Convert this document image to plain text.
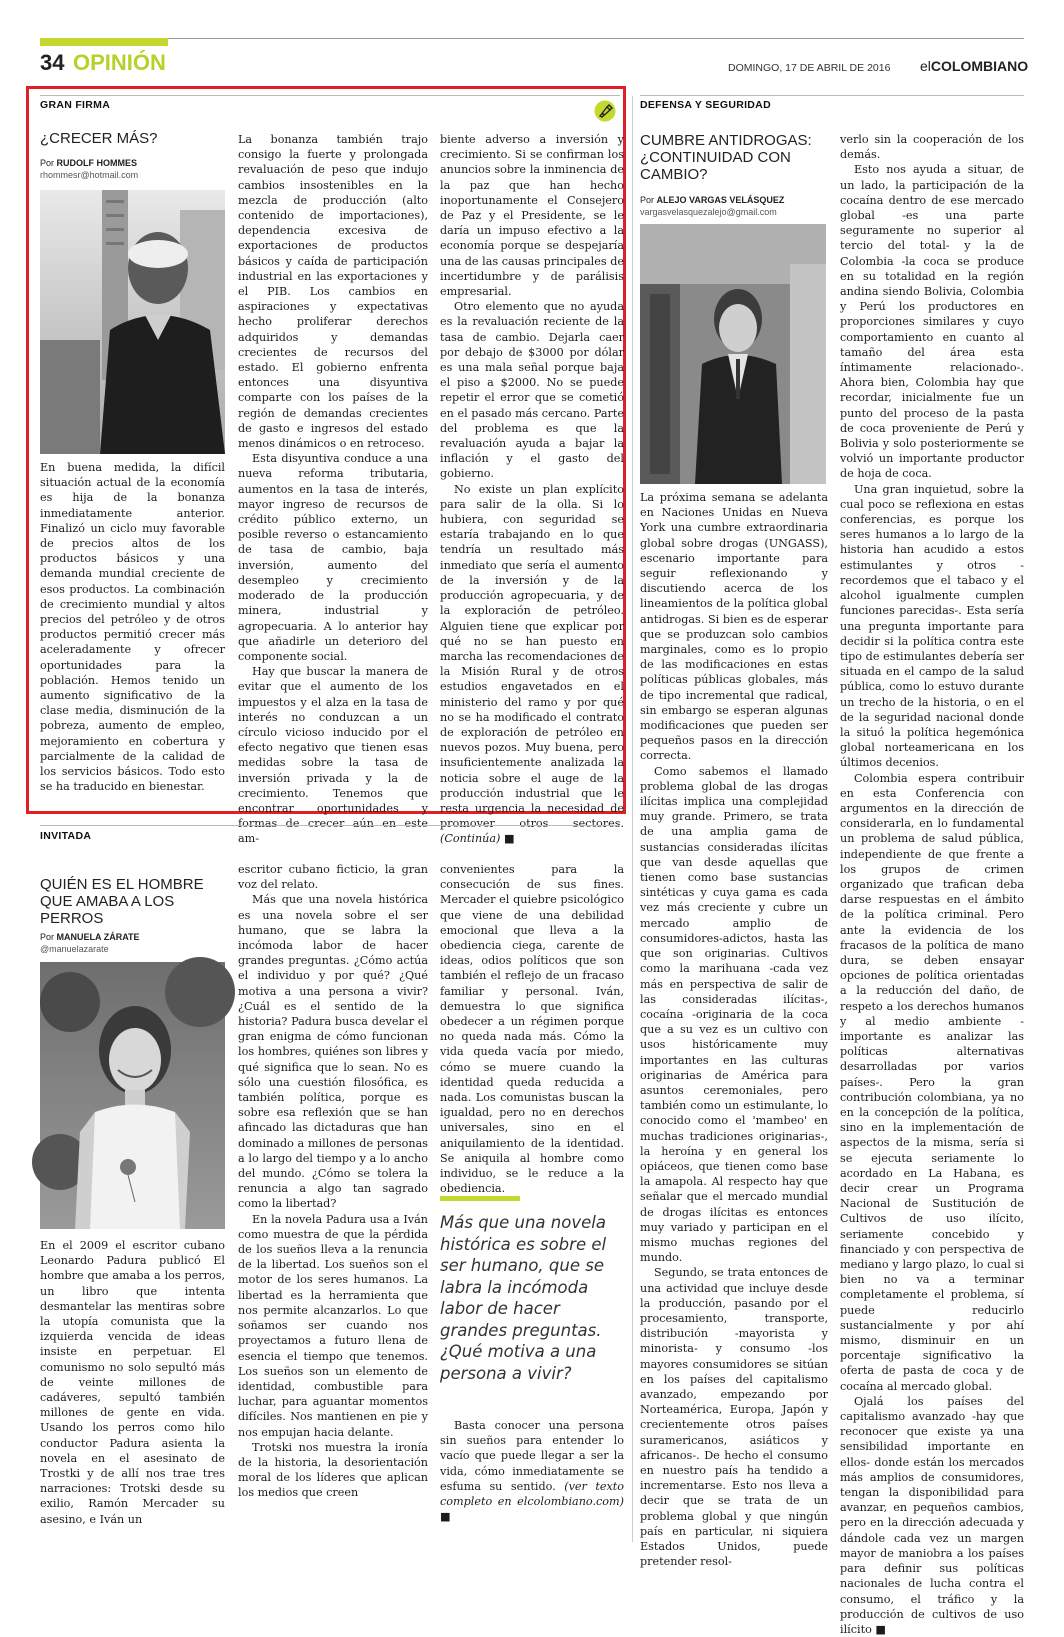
34 OPINIÓN	DOMINGO, 17 DE ABRIL DE 2016 elCOLOMBIANO
GRAN FIRMA
¿CRECER MÁS?
Por RUDOLF HOMMES
rhommesr@hotmail.com

En buena medida, la difícil situación actual de la economía es hija de la bonanza inmediatamente anterior. Finalizó un ciclo muy favorable de precios altos de los productos básicos y una demanda mundial creciente de esos productos. La combinación de crecimiento mundial y altos precios del petróleo y de otros productos permitió crecer más aceleradamente y ofrecer oportunidades para la población. Hemos tenido un aumento significativo de la clase media, disminución de la pobreza, aumento de empleo, mejoramiento en cobertura y parcialmente de la calidad de los servicios básicos. Todo esto se ha traducido en bienestar.

La bonanza también trajo consigo la fuerte y prolongada revaluación de peso que indujo cambios insostenibles en la mezcla de producción (alto contenido de importaciones), dependencia excesiva de exportaciones de productos básicos y caída de participación industrial en las exportaciones y el PIB. Los cambios en aspiraciones y expectativas hecho proliferar derechos adquiridos y demandas crecientes de recursos del estado. El gobierno enfrenta entonces una disyuntiva comparte con los países de la región de demandas crecientes de gasto e ingresos del estado menos dinámicos o en retroceso.

Esta disyuntiva conduce a una nueva reforma tributaria, aumentos en la tasa de interés, mayor ingreso de recursos de crédito público externo, un posible reverso o estancamiento de tasa de cambio, baja inversión, aumento del desempleo y crecimiento moderado de la producción minera, industrial y agropecuaria. A lo anterior hay que añadirle un deterioro del componente social.

Hay que buscar la manera de evitar que el aumento de los impuestos y el alza en la tasa de interés no conduzcan a un círculo vicioso inducido por el efecto negativo que tienen esas medidas sobre la tasa de inversión privada y la de crecimiento. Tenemos que encontrar oportunidades y formas de crecer aún en este am-

biente adverso a inversión y crecimiento. Si se confirman los anuncios sobre la inminencia de la paz que han hecho inoportunamente el Consejero de Paz y el Presidente, se le daría un impuso efectivo a la economía porque se despejaría una de las causas principales de incertidumbre y de parálisis empresarial.

Otro elemento que no ayuda es la revaluación reciente de la tasa de cambio. Dejarla caer por debajo de $3000 por dólar es una mala señal porque baja el piso a $2000. No se puede repetir el error que se cometió en el pasado más cercano. Parte del problema es que la revaluación ayuda a bajar la inflación y el gasto del gobierno.

No existe un plan explícito para salir de la olla. Si lo hubiera, con seguridad se estaría trabajando en lo que tendría un resultado más inmediato que sería el aumento de la inversión y de la producción agropecuaria, y de la exploración de petróleo. Alguien tiene que explicar por qué no se han puesto en marcha las recomendaciones de la Misión Rural y de otros estudios engavetados en el ministerio del ramo y por qué no se ha modificado el contrato de exploración de petróleo en nuevos pozos. Muy buena, pero insuficientemente analizada la noticia sobre el auge de la producción industrial que le resta urgencia la necesidad de promover otros sectores. (Continúa) ■

INVITADA
QUIÉN ES EL HOMBRE QUE AMABA A LOS PERROS
Por MANUELA ZÁRATE
@manuelazarate

En el 2009 el escritor cubano Leonardo Padura publicó El hombre que amaba a los perros, un libro que intenta desmantelar las mentiras sobre la utopía comunista que la izquierda vencida de ideas insiste en perpetuar. El comunismo no solo sepultó más de veinte millones de cadáveres, sepultó también millones de gente en vida. Usando los perros como hilo conductor Padura asienta la novela en el asesinato de Trostki y de allí nos trae tres narraciones: Trotski desde su exilio, Ramón Mercader su asesino, e Iván un

escritor cubano ficticio, la gran voz del relato.

Más que una novela histórica es una novela sobre el ser humano, que se labra la incómoda labor de hacer grandes preguntas. ¿Cómo actúa el individuo y por qué? ¿Qué motiva a una persona a vivir? ¿Cuál es el sentido de la historia? Padura busca develar el gran enigma de cómo funcionan los hombres, quiénes son libres y qué significa que lo sean. No es sólo una cuestión filosófica, es también política, porque es sobre esa reflexión que se han afincado las dictaduras que han dominado a millones de personas a lo largo del tiempo y a lo ancho del mundo. ¿Cómo se tolera la renuncia a algo tan sagrado como la libertad?

En la novela Padura usa a Iván como muestra de que la pérdida de los sueños lleva a la renuncia de la libertad. Los sueños son el motor de los seres humanos. La libertad es la herramienta que nos permite alcanzarlos. Lo que soñamos ser cuando nos proyectamos a futuro llena de esencia el tiempo que tenemos. Los sueños son un elemento de identidad, combustible para luchar, para aguantar momentos difíciles. Nos mantienen en pie y nos empujan hacia delante.

Trotski nos muestra la ironía de la historia, la desorientación moral de los líderes que aplican los medios que creen

convenientes para la consecución de sus fines. Mercader el quiebre psicológico que viene de una debilidad emocional que lleva a la obediencia ciega, carente de ideas, odios políticos que son también el reflejo de un fracaso familiar y personal. Iván, demuestra lo que significa obedecer a un régimen porque no queda nada más. Cómo la vida queda vacía por miedo, cómo se muere cuando la identidad queda reducida a nada. Los comunistas buscan la igualdad, pero no en derechos universales, sino en el aniquilamiento de la identidad. Se aniquila al hombre como individuo, se le reduce a la obediencia.

Más que una novela histórica es sobre el ser humano, que se labra la incómoda labor de hacer grandes preguntas. ¿Qué motiva a una persona a vivir?

Basta conocer una persona sin sueños para entender lo vacío que puede llegar a ser la vida, cómo inmediatamente se esfuma su sentido. (ver texto completo en elcolombiano.com) ■

DEFENSA Y SEGURIDAD
CUMBRE ANTIDROGAS: ¿CONTINUIDAD CON CAMBIO?
Por ALEJO VARGAS VELÁSQUEZ
vargasvelasquezalejo@gmail.com

La próxima semana se adelanta en Naciones Unidas en Nueva York una cumbre extraordinaria global sobre drogas (UNGASS), escenario importante para seguir reflexionando y discutiendo acerca de los lineamientos de la política global antidrogas. Si bien es de esperar que se produzcan solo cambios marginales, como es lo propio de las modificaciones en estas políticas públicas globales, más de tipo incremental que radical, sin embargo se esperan algunas modificaciones que pueden ser pequeños pasos en la dirección correcta.

Como sabemos el llamado problema global de las drogas ilícitas implica una complejidad muy grande. Primero, se trata de una amplia gama de sustancias consideradas ilícitas que van desde aquellas que tienen como base sustancias sintéticas y cuya gama es cada vez más creciente y cubre un mercado amplio de consumidores-adictos, hasta las que son originarias. Cultivos como la marihuana -cada vez más en perspectiva de salir de las consideradas ilícitas-, cocaína -originaria de la coca que a su vez es un cultivo con usos históricamente muy importantes en las culturas originarias de América para asuntos ceremoniales, pero también como un estimulante, lo conocido como el 'mambeo' en muchas tradiciones originarias-, la heroína y en general los opiáceos, que tienen como base la amapola. Al respecto hay que señalar que el mercado mundial de drogas ilícitas es entonces muy variado y participan en el mismo muchas regiones del mundo.

Segundo, se trata entonces de una actividad que incluye desde la producción, pasando por el procesamiento, transporte, distribución -mayorista y minorista- y consumo -los mayores consumidores se sitúan en los países del capitalismo avanzado, empezando por Norteamérica, Europa, Japón y crecientemente otros países suramericanos, asiáticos y africanos-. De hecho el consumo en nuestro país ha tendido a incrementarse. Esto nos lleva a decir que se trata de un problema global y que ningún país en particular, ni siquiera Estados Unidos, puede pretender resol-

verlo sin la cooperación de los demás.

Esto nos ayuda a situar, de un lado, la participación de la cocaína dentro de ese mercado global -es una parte seguramente no superior al tercio del total- y la de Colombia -la coca se produce en su totalidad en la región andina siendo Bolivia, Colombia y Perú los productores en proporciones similares y cuyo comportamiento en cuanto al tamaño del área esta íntimamente relacionado-. Ahora bien, Colombia hay que recordar, inicialmente fue un punto del proceso de la pasta de coca proveniente de Perú y Bolivia y solo posteriormente se volvió un importante productor de hoja de coca.

Una gran inquietud, sobre la cual poco se reflexiona en estas conferencias, es porque los seres humanos a lo largo de la historia han acudido a estos estimulantes y otros -recordemos que el tabaco y el alcohol igualmente cumplen funciones parecidas-. Esta sería una pregunta importante para decidir si la política contra este tipo de estimulantes debería ser situada en el campo de la salud pública, como lo estuvo durante un trecho de la historia, o en el de la seguridad nacional donde la situó la política hegemónica global norteamericana en los últimos decenios.

Colombia espera contribuir en esta Conferencia con argumentos en la dirección de considerarla, en lo fundamental un problema de salud pública, independiente de que frente a los grupos de crimen organizado que trafican deba darse respuestas en el ámbito de la política criminal. Pero ante la evidencia de los fracasos de la política de mano dura, se deben ensayar opciones de política orientadas a la reducción del daño, de respeto a los derechos humanos y al medio ambiente -importante es analizar las políticas alternativas desarrolladas por varios países-. Pero la gran contribución colombiana, ya no en la concepción de la política, sino en la implementación de aspectos de la misma, sería si se ejecuta seriamente lo acordado en La Habana, es decir crear un Programa Nacional de Sustitución de Cultivos de uso ilícito, seriamente concebido y financiado y con perspectiva de mediano y largo plazo, lo cual si bien no va a terminar completamente el problema, sí puede reducirlo sustancialmente y por ahí mismo, disminuir en un porcentaje significativo la oferta de pasta de coca y de cocaína al mercado global.

Ojalá los países del capitalismo avanzado -hay que reconocer que existe ya una sensibilidad importante en ellos- donde están los mercados más amplios de consumidores, tengan la disponibilidad para avanzar, en pequeños cambios, pero en la dirección adecuada y dándole cada vez un margen mayor de maniobra a los países para definir sus políticas nacionales de lucha contra el consumo, el tráfico y la producción de cultivos de uso ilícito ■
